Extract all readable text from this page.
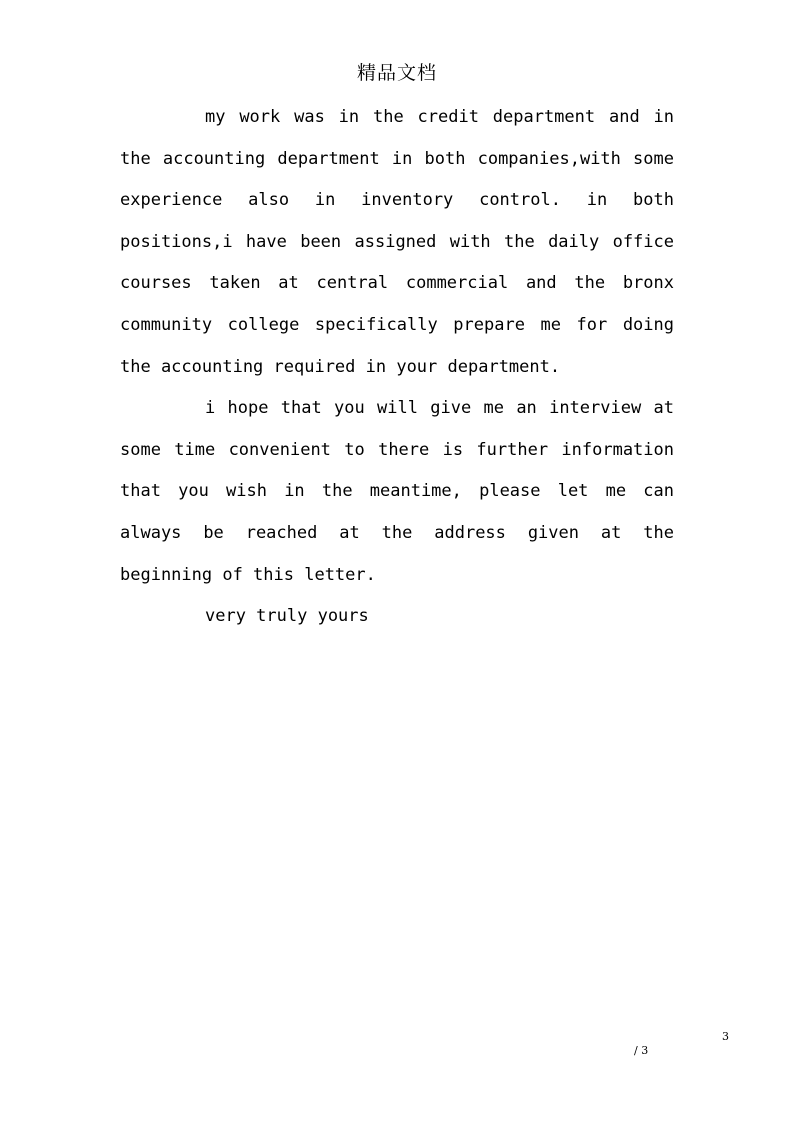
精品文档

my work was in the credit department and in the accounting department in both companies,with some experience also in inventory control. in both positions,i have been assigned with the daily office courses taken at central commercial and the bronx community college specifically prepare me for doing the accounting required in your department.

i hope that you will give me an interview at some time convenient to there is further information that you wish in the meantime, please let me can always be reached at the address given at the beginning of this letter.

very truly yours

3
/ 3
